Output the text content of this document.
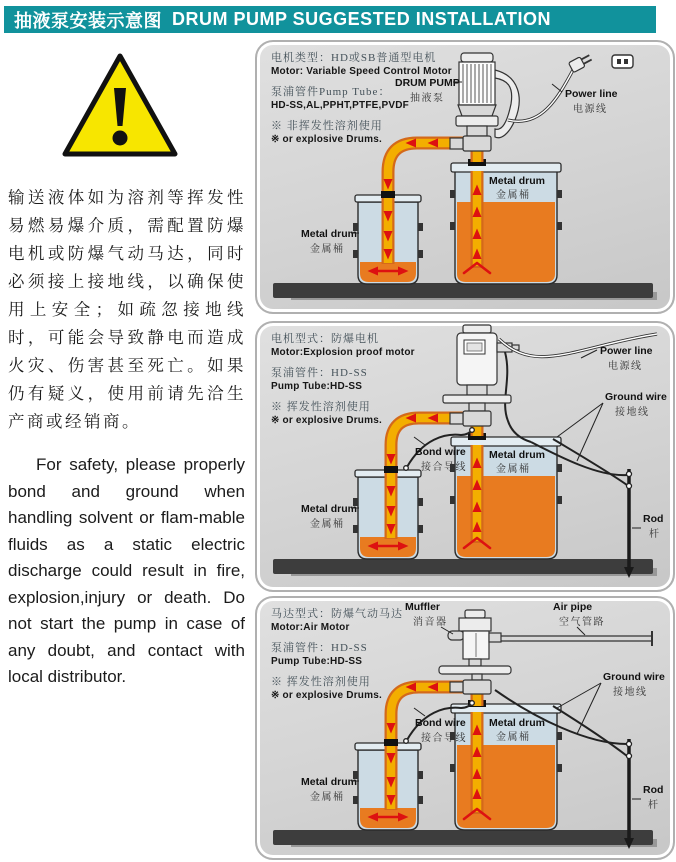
抽液泵安装示意图 DRUM PUMP SUGGESTED INSTALLATION
输送液体如为溶剂等挥发性易燃易爆介质，需配置防爆电机或防爆气动马达，同时必须接上接地线，以确保使用上安全；如疏忽接地线时，可能会导致静电而造成火灾、伤害甚至死亡。如果仍有疑义，使用前请先洽生产商或经销商。
For safety, please properly bond and ground when handling solvent or flam-mable fluids as a static electric discharge could result in fire, explosion,injury or death. Do not start the pump in case of any doubt, and contact with local distributor.
电机类型：HD或SB普通型电机
Motor: Variable Speed Control Motor
泵浦管件Pump Tube：
HD-SS,AL,PPHT,PTFE,PVDF
※ 非挥发性溶剂使用
※ or explosive Drums.
DRUM PUMP
抽液泵	Power line
电源线
Metal drum
金属桶
Metal drum
金属桶
电机型式：防爆电机
Motor:Explosion proof motor
泵浦管件：HD-SS
Pump Tube:HD-SS
※ 挥发性溶剂使用
※ or explosive Drums.
Power line
电源线
Ground wire
接地线
Bond wire
接合导线
Metal drum
金属桶
Metal drum
金属桶	Rod
杆
马达型式：防爆气动马达
Motor:Air Motor
泵浦管件：HD-SS
Pump Tube:HD-SS
※ 挥发性溶剂使用
※ or explosive Drums.
Muffler
消音器
Air pipe
空气管路
Ground wire
接地线
Bond wire
接合导线
Metal drum
金属桶
Metal drum
金属桶
Rod
杆
